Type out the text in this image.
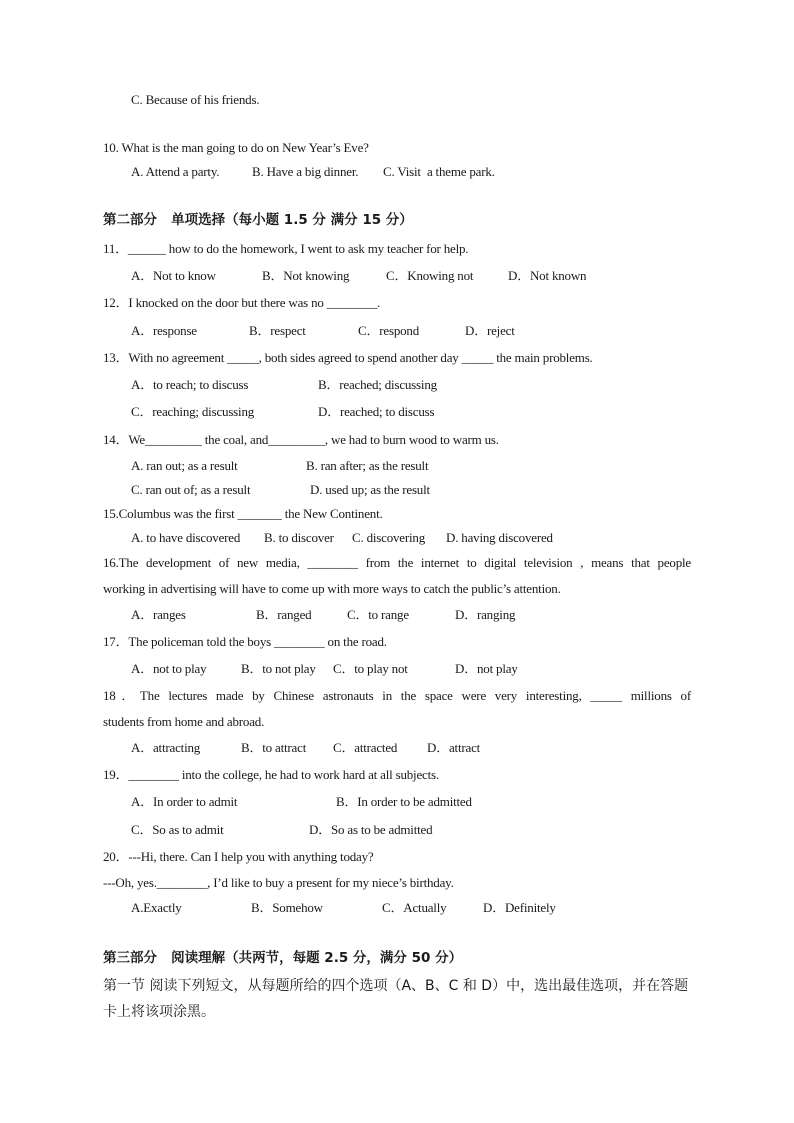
C. Because of his friends.
10. What is the man going to do on New Year’s Eve?
A. Attend a party.	B. Have a big dinner. C. Visit  a theme park.
第二部分   单项选择（每小题 1.5 分 满分 15 分）
11．______ how to do the homework, I went to ask my teacher for help.
A．Not to know	B．Not knowing	C．Knowing not	D．Not known
12．I knocked on the door but there was no ________.
A．response	B．respect	C．respond	D．reject
13．With no agreement _____, both sides agreed to spend another day _____ the main problems.
A．to reach; to discuss	B．reached; discussing
C．reaching; discussing	D．reached; to discuss
14．We_________ the coal, and_________, we had to burn wood to warm us.
A. ran out; as a result	B. ran after; as the result
C. ran out of; as a result	D. used up; as the result
15.Columbus was the first _______ the New Continent.
A. to have discovered B. to discover C. discovering D. having discovered
16.The development of new media, ________ from the internet to digital television , means that people
working in advertising will have to come up with more ways to catch the public’s attention.
A．ranges	B．ranged	C．to range	D．ranging
17．The policeman told the boys ________ on the road.
A．not to play	B．to not play C．to play not	D．not play
18．The lectures made by Chinese astronauts in the space were very interesting, _____ millions of
students from home and abroad.
A．attracting	B．to attract C．attracted D．attract
19．________ into the college, he had to work hard at all subjects.
A．In order to admit	B．In order to be admitted
C．So as to admit	D．So as to be admitted
20．---Hi, there. Can I help you with anything today?
---Oh, yes.________, I’d like to buy a present for my niece’s birthday.
A.Exactly	B．Somehow	C．Actually	D．Definitely
第三部分   阅读理解（共两节，每题 2.5 分，满分 50 分）
第一节 阅读下列短文，从每题所给的四个选项（A、B、C 和 D）中，选出最佳选项，并在答题
卡上将该项涂黑。
